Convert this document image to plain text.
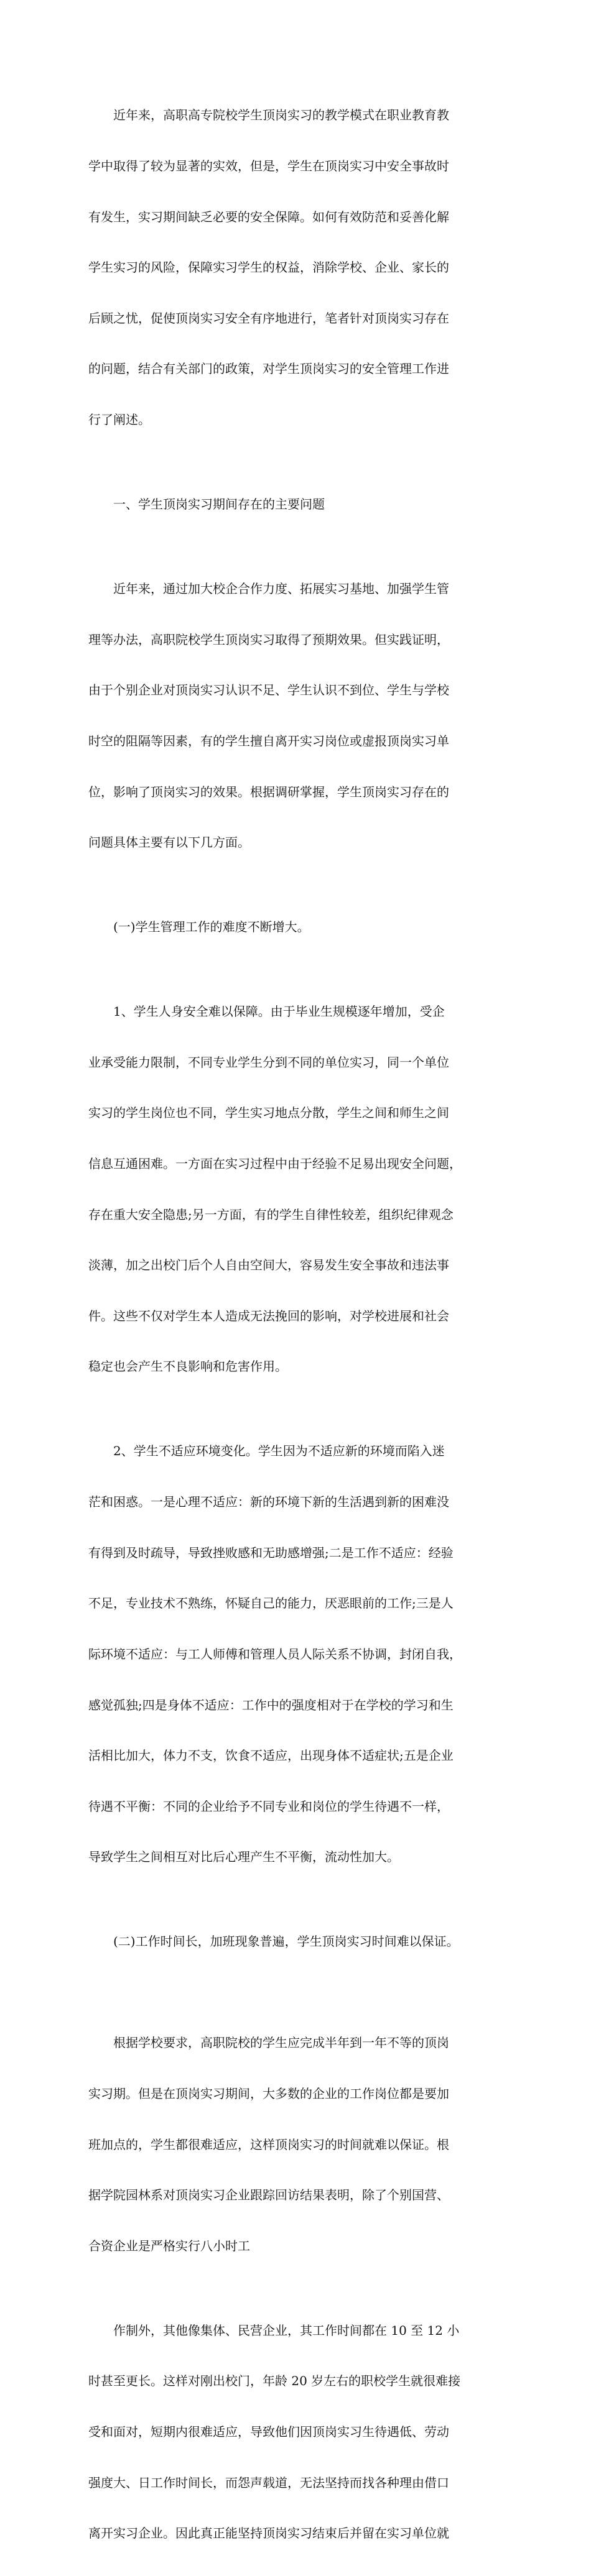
近年来，高职高专院校学生顶岗实习的教学模式在职业教育教

学中取得了较为显著的实效，但是，学生在顶岗实习中安全事故时

有发生，实习期间缺乏必要的安全保障。如何有效防范和妥善化解

学生实习的风险，保障实习学生的权益，消除学校、企业、家长的

后顾之忧，促使顶岗实习安全有序地进行，笔者针对顶岗实习存在

的问题，结合有关部门的政策，对学生顶岗实习的安全管理工作进

行了阐述。

一、学生顶岗实习期间存在的主要问题

近年来，通过加大校企合作力度、拓展实习基地、加强学生管

理等办法，高职院校学生顶岗实习取得了预期效果。但实践证明，

由于个别企业对顶岗实习认识不足、学生认识不到位、学生与学校

时空的阻隔等因素，有的学生擅自离开实习岗位或虚报顶岗实习单

位，影响了顶岗实习的效果。根据调研掌握，学生顶岗实习存在的

问题具体主要有以下几方面。

(一)学生管理工作的难度不断增大。

1、学生人身安全难以保障。由于毕业生规模逐年增加，受企

业承受能力限制，不同专业学生分到不同的单位实习，同一个单位

实习的学生岗位也不同，学生实习地点分散，学生之间和师生之间

信息互通困难。一方面在实习过程中由于经验不足易出现安全问题，

存在重大安全隐患;另一方面，有的学生自律性较差，组织纪律观念

淡薄，加之出校门后个人自由空间大，容易发生安全事故和违法事

件。这些不仅对学生本人造成无法挽回的影响，对学校进展和社会

稳定也会产生不良影响和危害作用。

2、学生不适应环境变化。学生因为不适应新的环境而陷入迷

茫和困惑。一是心理不适应：新的环境下新的生活遇到新的困难没

有得到及时疏导，导致挫败感和无助感增强;二是工作不适应：经验

不足，专业技术不熟练，怀疑自己的能力，厌恶眼前的工作;三是人

际环境不适应：与工人师傅和管理人员人际关系不协调，封闭自我，

感觉孤独;四是身体不适应：工作中的强度相对于在学校的学习和生

活相比加大，体力不支，饮食不适应，出现身体不适症状;五是企业

待遇不平衡：不同的企业给予不同专业和岗位的学生待遇不一样，

导致学生之间相互对比后心理产生不平衡，流动性加大。

(二)工作时间长，加班现象普遍，学生顶岗实习时间难以保证。

根据学校要求，高职院校的学生应完成半年到一年不等的顶岗

实习期。但是在顶岗实习期间，大多数的企业的工作岗位都是要加

班加点的，学生都很难适应，这样顶岗实习的时间就难以保证。根

据学院园林系对顶岗实习企业跟踪回访结果表明，除了个别国营、

合资企业是严格实行八小时工

作制外，其他像集体、民营企业，其工作时间都在 10 至 12 小

时甚至更长。这样对刚出校门，年龄 20 岁左右的职校学生就很难接

受和面对，短期内很难适应，导致他们因顶岗实习生待遇低、劳动

强度大、日工作时间长，而怨声载道，无法坚持而找各种理由借口

离开实习企业。因此真正能坚持顶岗实习结束后并留在实习单位就
